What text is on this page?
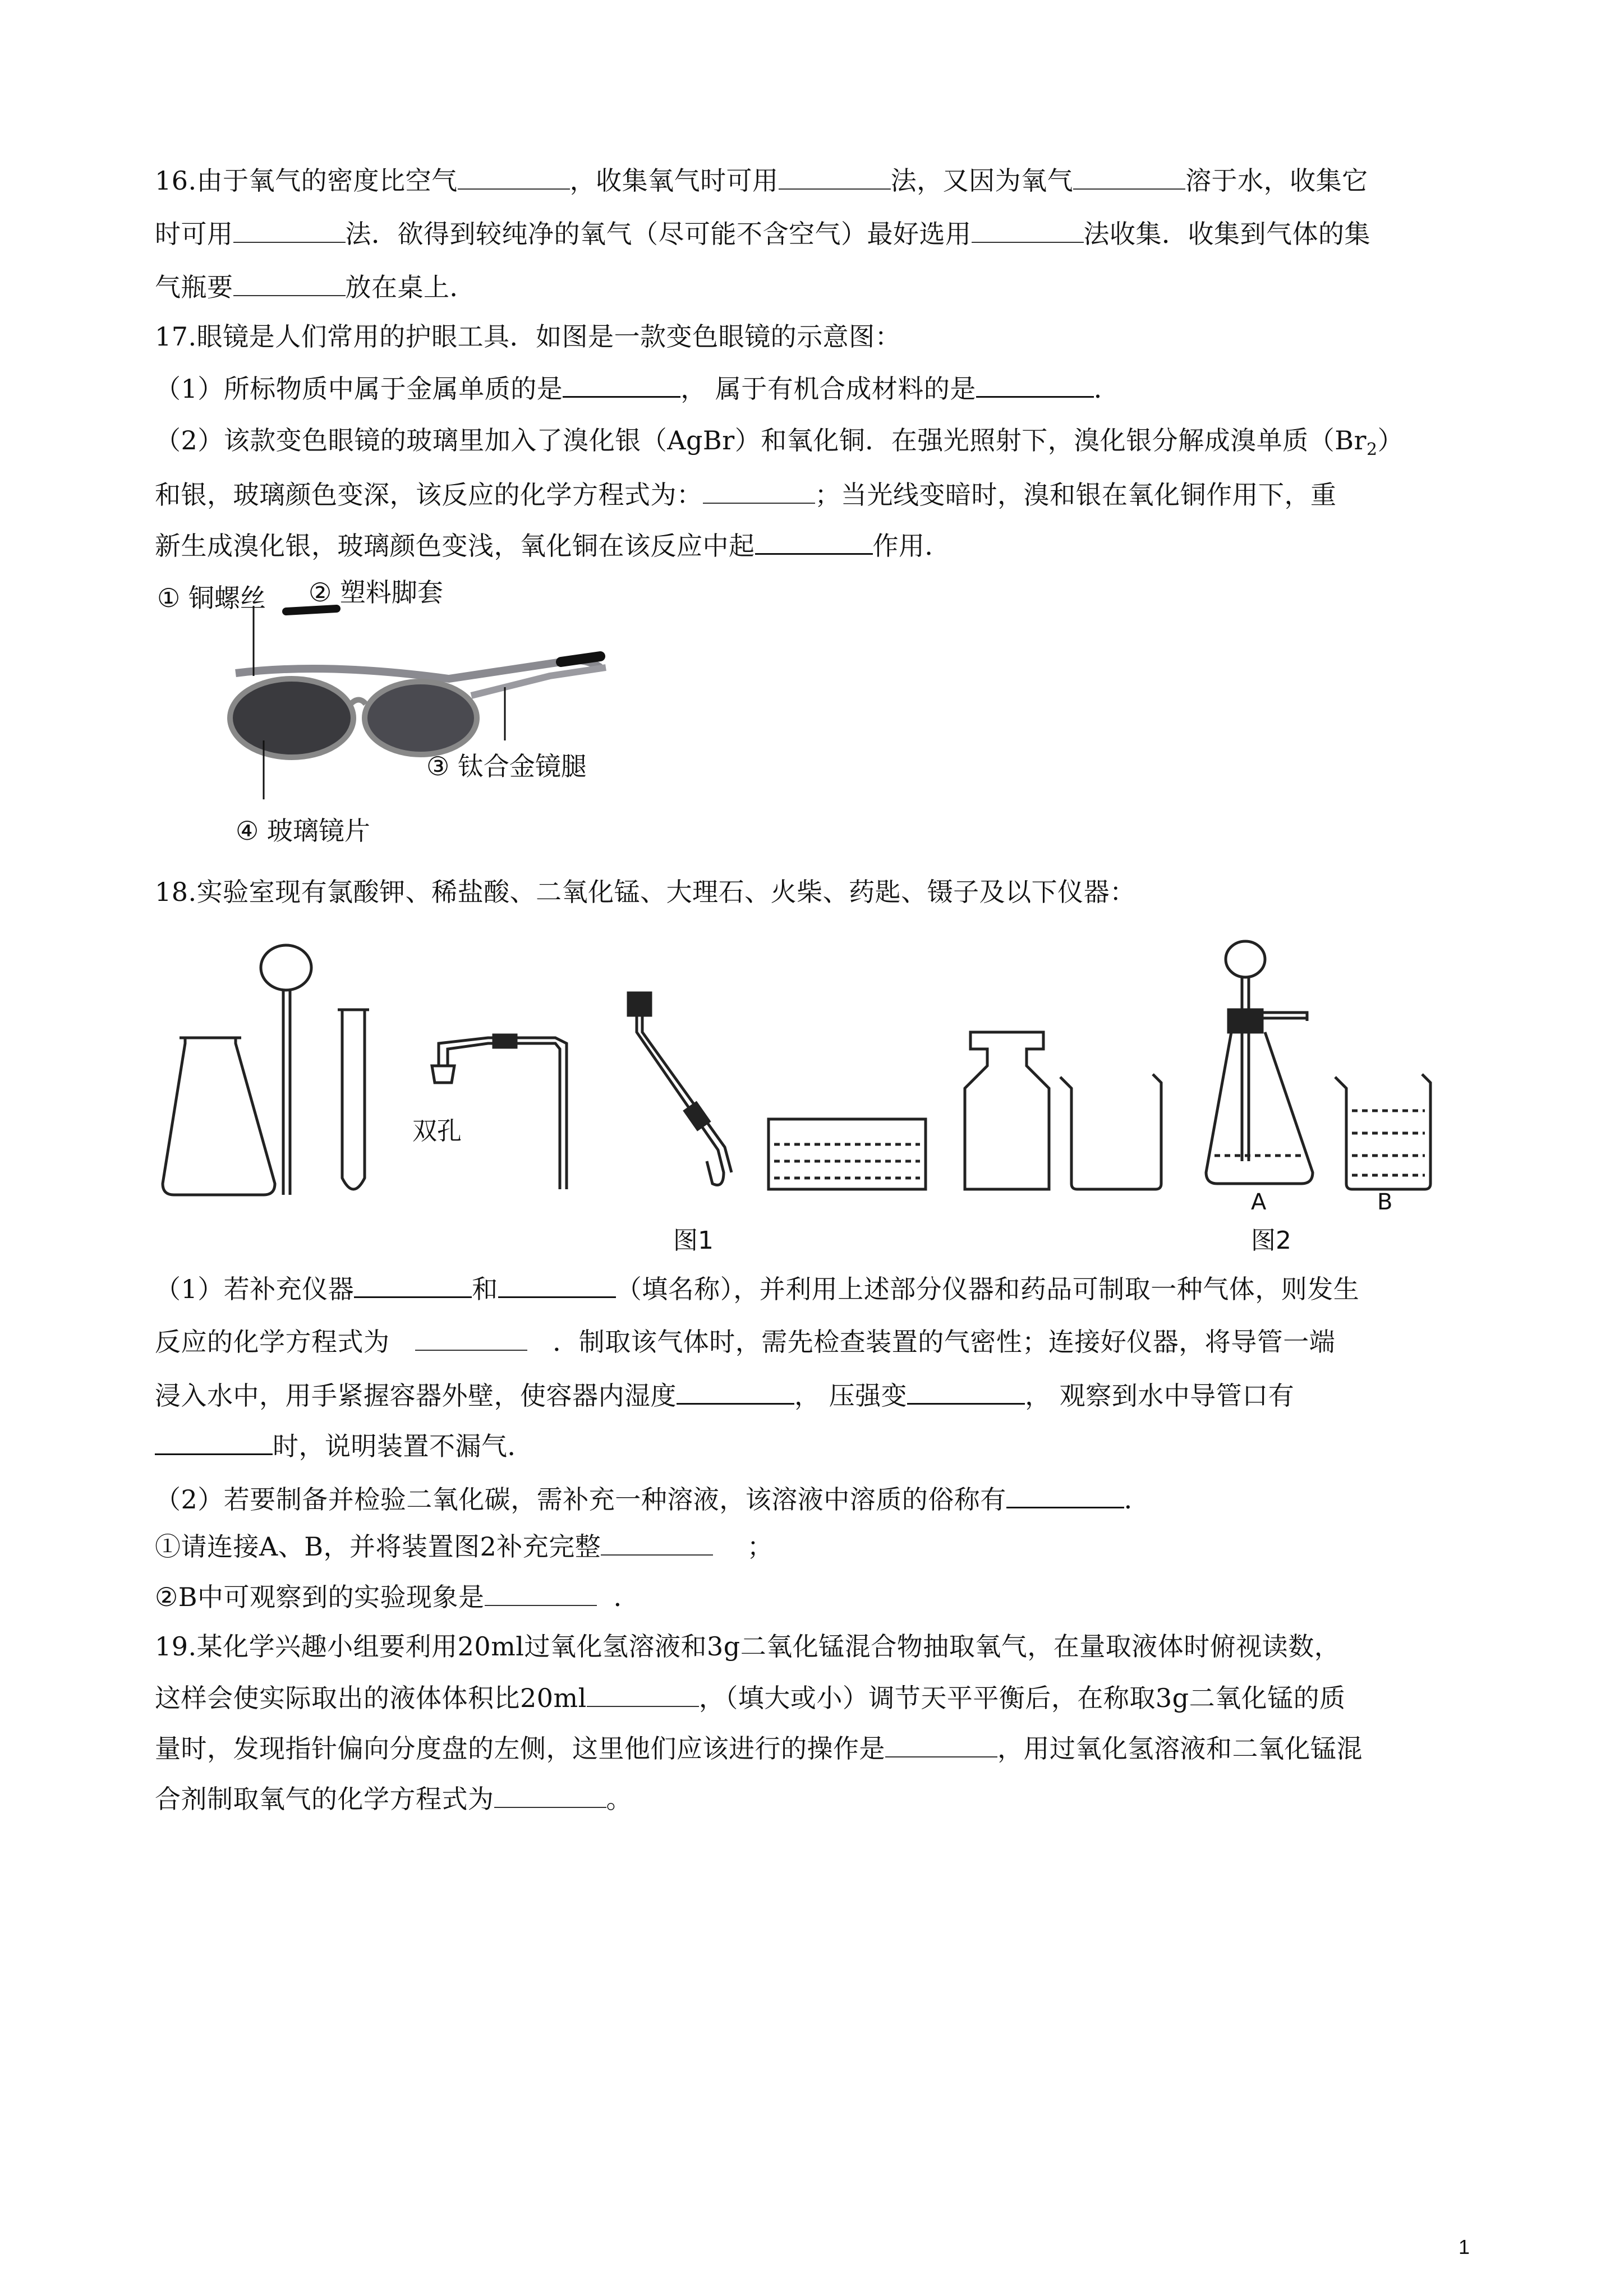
16.由于氧气的密度比空气	，收集氧气时可用	法，又因为氧气	溶于水，收集它
时可用	法．欲得到较纯净的氧气（尽可能不含空气）最好选用	法收集．收集到气体的集
气瓶要	放在桌上．
17.眼镜是人们常用的护眼工具．如图是一款变色眼镜的示意图：
（1）所标物质中属于金属单质的是	， 属于有机合成材料的是	．
（2）该款变色眼镜的玻璃里加入了溴化银（AgBr）和氧化铜．在强光照射下，溴化银分解成溴单质$(Br_2)$
和银，玻璃颜色变深，该反应的化学方程式为：	；当光线变暗时，溴和银在氧化铜作用下，重
新生成溴化银，玻璃颜色变浅，氧化铜在该反应中起	作用．
① 铜螺丝 ② 塑料脚套
③ 钛合金镜腿
④ 玻璃镜片
18.实验室现有氯酸钾、稀盐酸、二氧化锰、大理石、火柴、药匙、镊子及以下仪器：
双孔
图1	图2
A	B
（1）若补充仪器	和	（填名称），并利用上述部分仪器和药品可制取一种气体，则发生
反应的化学方程式为	．制取该气体时，需先检查装置的气密性；连接好仪器，将导管一端
浸入水中，用手紧握容器外壁，使容器内湿度	， 压强变	， 观察到水中导管口有
时，说明装置不漏气．
（2）若要制备并检验二氧化碳，需补充一种溶液，该溶液中溶质的俗称有	．
①请连接A、B，并将装置图2补充完整	；
②B中可观察到的实验现象是	．
19.某化学兴趣小组要利用20ml过氧化氢溶液和3g二氧化锰混合物抽取氧气，在量取液体时俯视读数，
这样会使实际取出的液体体积比20ml	，（填大或小）调节天平平衡后，在称取3g二氧化锰的质
量时，发现指针偏向分度盘的左侧，这里他们应该进行的操作是	，用过氧化氢溶液和二氧化锰混
合剂制取氧气的化学方程式为	。
1
